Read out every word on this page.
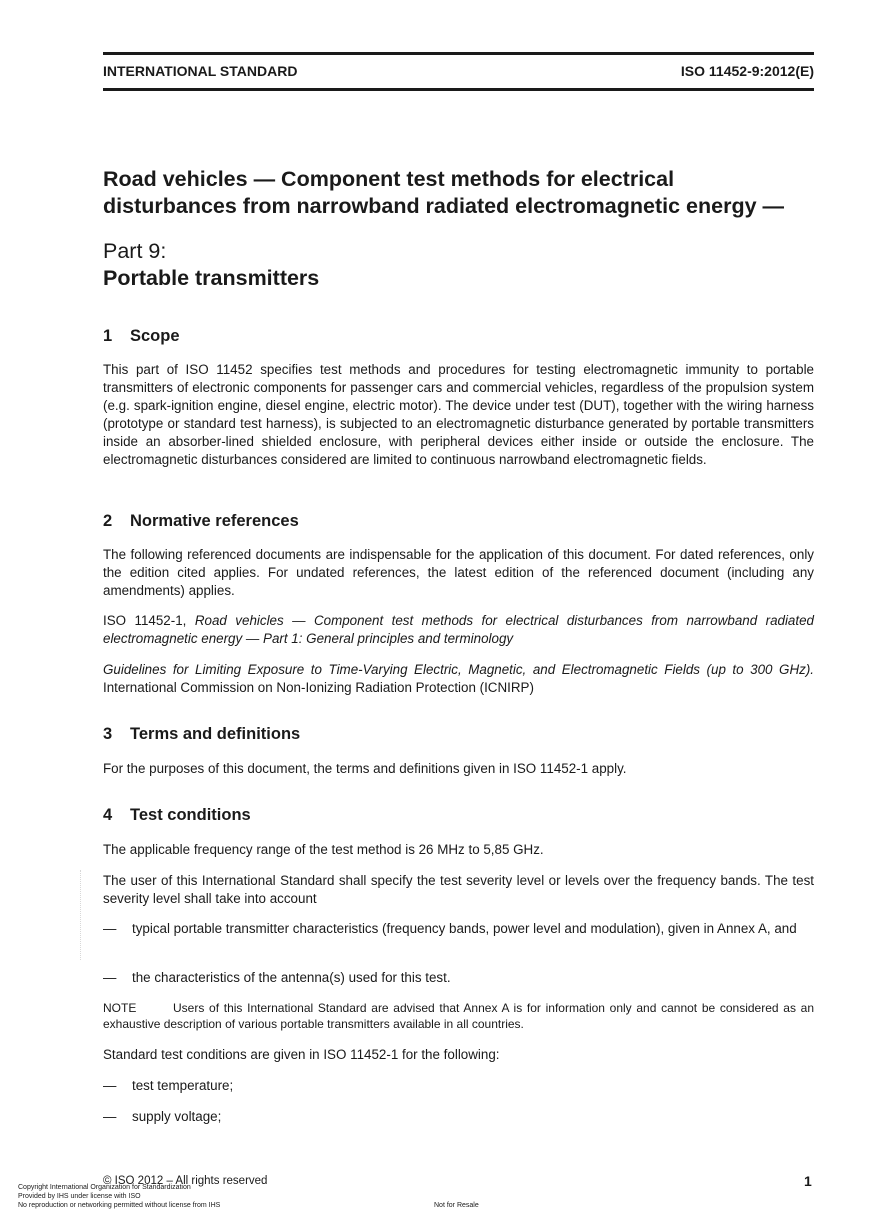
INTERNATIONAL STANDARD	ISO 11452-9:2012(E)
Road vehicles — Component test methods for electrical
disturbances from narrowband radiated electromagnetic energy —
Part 9:
Portable transmitters
1 Scope

This part of ISO 11452 specifies test methods and procedures for testing electromagnetic immunity to portable transmitters of electronic components for passenger cars and commercial vehicles, regardless of the propulsion system (e.g. spark-ignition engine, diesel engine, electric motor). The device under test (DUT), together with the wiring harness (prototype or standard test harness), is subjected to an electromagnetic disturbance generated by portable transmitters inside an absorber-lined shielded enclosure, with peripheral devices either inside or outside the enclosure. The electromagnetic disturbances considered are limited to continuous narrowband electromagnetic fields.

2 Normative references

The following referenced documents are indispensable for the application of this document. For dated references, only the edition cited applies. For undated references, the latest edition of the referenced document (including any amendments) applies.

ISO 11452-1, Road vehicles — Component test methods for electrical disturbances from narrowband radiated electromagnetic energy — Part 1: General principles and terminology

Guidelines for Limiting Exposure to Time-Varying Electric, Magnetic, and Electromagnetic Fields (up to 300 GHz). International Commission on Non-Ionizing Radiation Protection (ICNIRP)

3 Terms and definitions

For the purposes of this document, the terms and definitions given in ISO 11452-1 apply.

4 Test conditions

The applicable frequency range of the test method is 26 MHz to 5,85 GHz.

The user of this International Standard shall specify the test severity level or levels over the frequency bands. The test severity level shall take into account

— typical portable transmitter characteristics (frequency bands, power level and modulation), given in Annex A, and
— the characteristics of the antenna(s) used for this test.
NOTE	Users of this International Standard are advised that Annex A is for information only and cannot be considered as an exhaustive description of various portable transmitters available in all countries.

Standard test conditions are given in ISO 11452-1 for the following:

— test temperature;
— supply voltage;
© ISO 2012 – All rights reserved	1
Copyright International Organization for Standardization
Provided by IHS under license with ISO
No reproduction or networking permitted without license from IHS	Not for Resale
